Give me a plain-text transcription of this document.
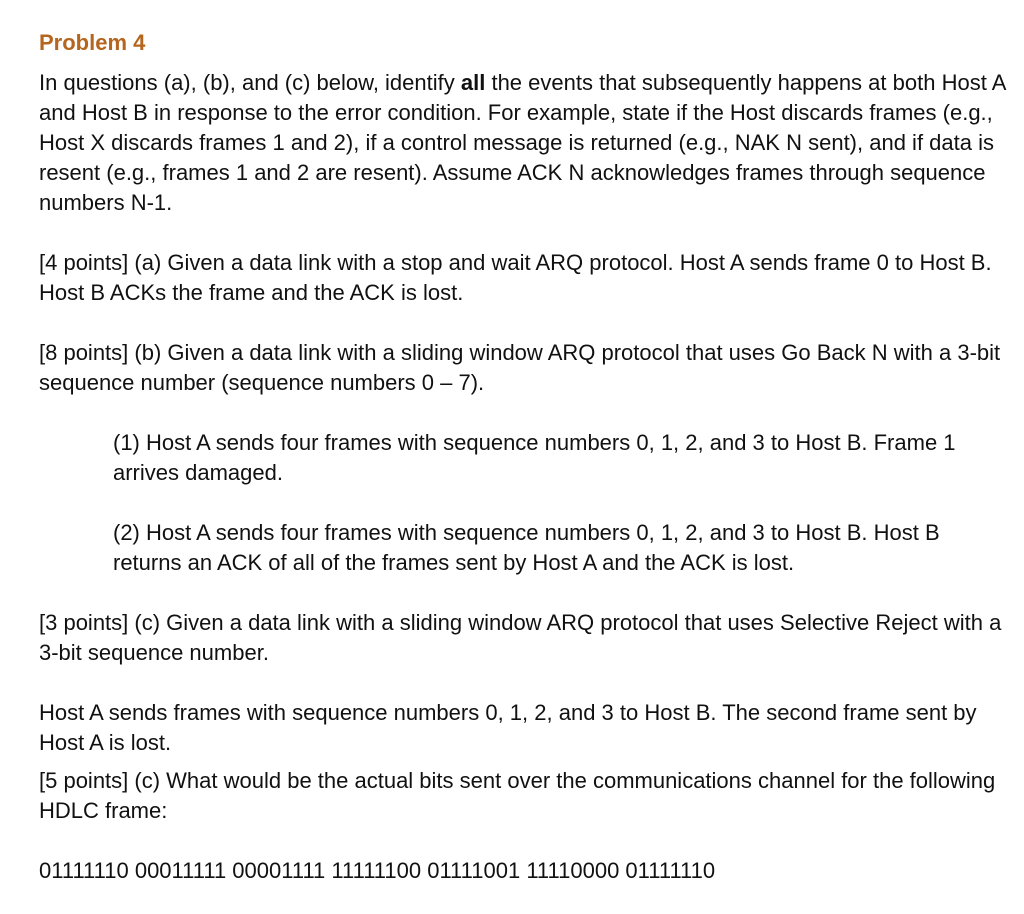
Problem 4

In questions (a), (b), and (c) below, identify all the events that subsequently happens at both Host A and Host B in response to the error condition. For example, state if the Host discards frames (e.g., Host X discards frames 1 and 2), if a control message is returned (e.g., NAK N sent), and if data is resent (e.g., frames 1 and 2 are resent). Assume ACK N acknowledges frames through sequence numbers N-1.

[4 points] (a) Given a data link with a stop and wait ARQ protocol. Host A sends frame 0 to Host B. Host B ACKs the frame and the ACK is lost.

[8 points] (b) Given a data link with a sliding window ARQ protocol that uses Go Back N with a 3-bit sequence number (sequence numbers 0 – 7).

(1) Host A sends four frames with sequence numbers 0, 1, 2, and 3 to Host B. Frame 1 arrives damaged.

(2) Host A sends four frames with sequence numbers 0, 1, 2, and 3 to Host B. Host B returns an ACK of all of the frames sent by Host A and the ACK is lost.

[3 points] (c) Given a data link with a sliding window ARQ protocol that uses Selective Reject with a 3-bit sequence number.

Host A sends frames with sequence numbers 0, 1, 2, and 3 to Host B. The second frame sent by Host A is lost.

[5 points] (c) What would be the actual bits sent over the communications channel for the following HDLC frame:

01111110 00011111 00001111 11111100 01111001 11110000 01111110
